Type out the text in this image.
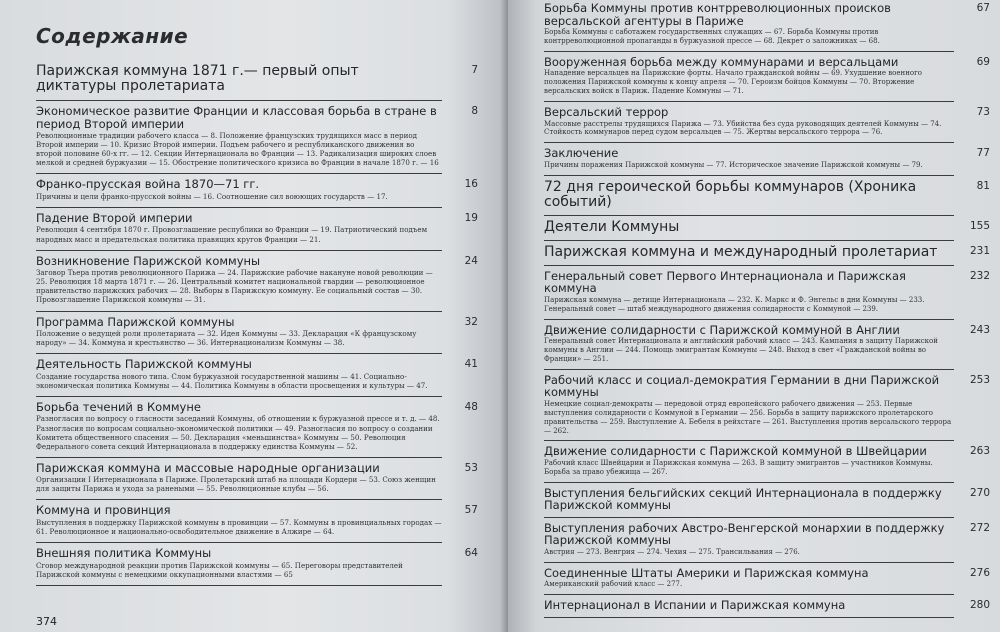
Содержание
Парижская коммуна 1871 г.— первый опыт диктатуры пролетариата
7
Экономическое развитие Франции и классовая борьба в стране в период Второй империи
8
Революционные традиции рабочего класса — 8. Положение французских трудящихся масс в период Второй империи — 10. Кризис Второй империи. Подъем рабочего и республиканского движения во второй половине 60-х гг. — 12. Секции Интернационала во Франции — 13. Радикализация широких слоев мелкой и средней буржуазии — 15. Обострение политического кризиса во Франции в начале 1870 г. — 16
Франко-прусская война 1870—71 гг.	16
Причины и цели франко-прусской войны — 16. Соотношение сил воюющих государств — 17.
Падение Второй империи	19
Революция 4 сентября 1870 г. Провозглашение республики во Франции — 19. Патриотический подъем народных масс и предательская политика правящих кругов Франции — 21.
Возникновение Парижской коммуны	24
Заговор Тьера против революционного Парижа — 24. Парижские рабочие накануне новой революции — 25. Революция 18 марта 1871 г. — 26. Центральный комитет национальной гвардии — революционное правительство парижских рабочих — 28. Выборы в Парижскую коммуну. Ее социальный состав — 30. Провозглашение Парижской коммуны — 31.
Программа Парижской коммуны	32
Положение о ведущей роли пролетариата — 32. Идея Коммуны — 33. Декларация «К французскому народу» — 34. Коммуна и крестьянство — 36. Интернационализм Коммуны — 38.
Деятельность Парижской коммуны	41
Создание государства нового типа. Слом буржуазной государственной машины — 41. Социально-экономическая политика Коммуны — 44. Политика Коммуны в области просвещения и культуры — 47.
Борьба течений в Коммуне	48
Разногласия по вопросу о гласности заседаний Коммуны, об отношении к буржуазной прессе и т. д. — 48. Разногласия по вопросам социально-экономической политики — 49. Разногласия по вопросу о создании Комитета общественного спасения — 50. Декларация «меньшинства» Коммуны — 50. Революция Федерального совета секций Интернационала в поддержку единства Коммуны — 52.
Парижская коммуна и массовые народные организации	53
Организации I Интернационала в Париже. Пролетарский штаб на площади Кордери — 53. Союз женщин для защиты Парижа и ухода за ранеными — 55. Революционные клубы — 56.
Коммуна и провинция	57
Выступления в поддержку Парижской коммуны в провинции — 57. Коммуны в провинциальных городах — 61. Революционное и национально-освободительное движение в Алжире — 64.
Внешняя политика Коммуны	64
Сговор международной реакции против Парижской коммуны — 65. Переговоры представителей Парижской коммуны с немецкими оккупационными властями — 65
374
Борьба Коммуны против контрреволюционных происков версальской агентуры в Париже
67
Борьба Коммуны с саботажем государственных служащих — 67. Борьба Коммуны против контрреволюционной пропаганды в буржуазной прессе — 68. Декрет о заложниках — 68.
Вооруженная борьба между коммунарами и версальцами	69
Нападение версальцев на Парижские форты. Начало гражданской войны — 69. Ухудшение военного положения Парижской коммуны к концу апреля — 70. Героизм бойцов Коммуны — 70. Вторжение версальских войск в Париж. Падение Коммуны — 71.
Версальский террор	73
Массовые расстрелы трудящихся Парижа — 73. Убийства без суда руководящих деятелей Коммуны — 74. Стойкость коммунаров перед судом версальцев — 75. Жертвы версальского террора — 76.
Заключение	77
Причины поражения Парижской коммуны — 77. Историческое значение Парижской коммуны — 79.
72 дня героической борьбы коммунаров (Хроника событий)
81
Деятели Коммуны	155
Парижская коммуна и международный пролетариат	231
Генеральный совет Первого Интернационала и Парижская коммуна
232
Парижская коммуна — детище Интернационала — 232. К. Маркс и Ф. Энгельс в дни Коммуны — 233. Генеральный совет — штаб международного движения солидарности с Коммуной — 239.
Движение солидарности с Парижской коммуной в Англии	243
Генеральный совет Интернационала и английский рабочий класс — 243. Кампания в защиту Парижской коммуны в Англии — 244. Помощь эмигрантам Коммуны — 248. Выход в свет «Гражданской войны во Франции» — 251.
Рабочий класс и социал-демократия Германии в дни Парижской коммуны
253
Немецкие социал-демократы — передовой отряд европейского рабочего движения — 253. Первые выступления солидарности с Коммуной в Германии — 256. Борьба в защиту парижского пролетарского правительства — 259. Выступление А. Бебеля в рейхстаге — 261. Выступления против версальского террора — 262.
Движение солидарности с Парижской коммуной в Швейцарии	263
Рабочий класс Швейцарии и Парижская коммуна — 263. В защиту эмигрантов — участников Коммуны. Борьба за право убежища — 267.
Выступления бельгийских секций Интернационала в поддержку Парижской коммуны
270
Выступления рабочих Австро-Венгерской монархии в поддержку Парижской коммуны
272
Австрия — 273. Венгрия — 274. Чехия — 275. Трансильвания — 276.
Соединенные Штаты Америки и Парижская коммуна	276
Американский рабочий класс — 277.
Интернационал в Испании и Парижская коммуна	280
